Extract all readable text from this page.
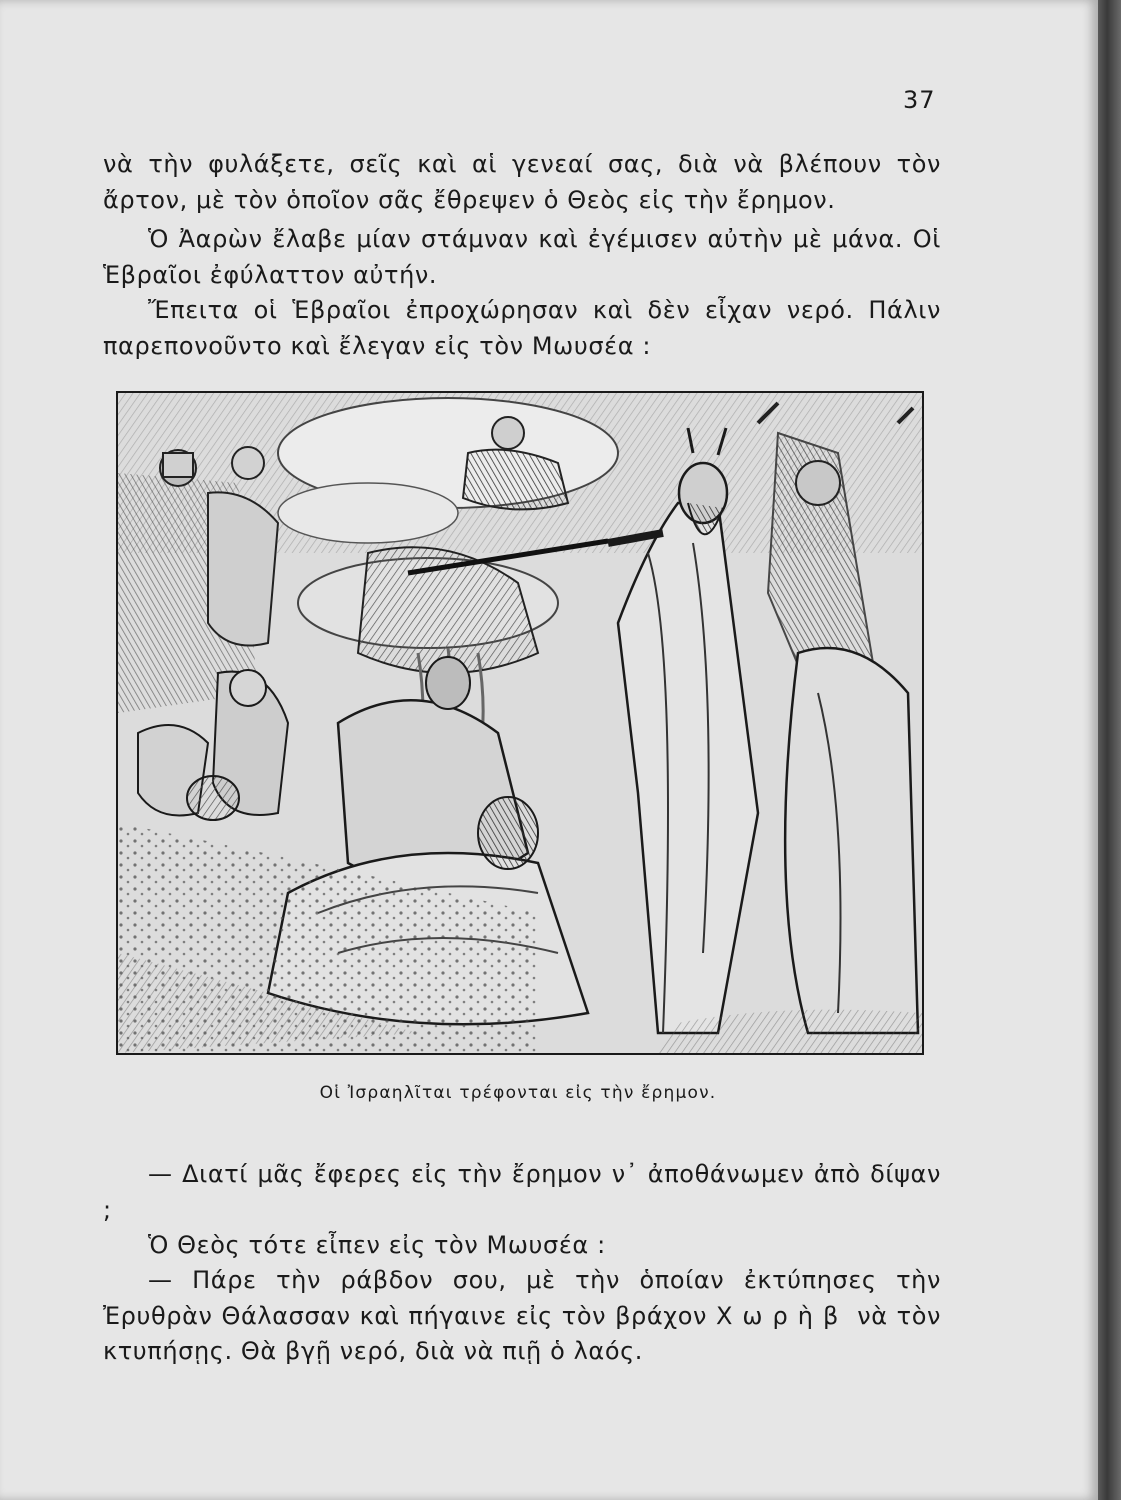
37

νὰ τὴν φυλάξετε, σεῖς καὶ αἱ γενεαί σας, διὰ νὰ βλέπουν τὸν ἄρτον, μὲ τὸν ὁποῖον σᾶς ἔθρεψεν ὁ Θεὸς εἰς τὴν ἔρημον.

Ὁ Ἀαρὼν ἔλαβε μίαν στάμναν καὶ ἐγέμισεν αὐτὴν μὲ μάνα. Οἱ Ἑβραῖοι ἐφύλαττον αὐτήν.

Ἔπειτα οἱ Ἑβραῖοι ἐπροχώρησαν καὶ δὲν εἶχαν νερό. Πάλιν παρεπονοῦντο καὶ ἔλεγαν εἰς τὸν Μωυσέα :

Οἱ Ἰσραηλῖται τρέφονται εἰς τὴν ἔρημον.

— Διατί μᾶς ἔφερες εἰς τὴν ἔρημον ν᾽ ἀποθάνωμεν ἀπὸ δίψαν ;

Ὁ Θεὸς τότε εἶπεν εἰς τὸν Μωυσέα :

— Πάρε τὴν ράβδον σου, μὲ τὴν ὁποίαν ἐκτύπησες τὴν Ἐρυθρὰν Θάλασσαν καὶ πήγαινε εἰς τὸν βράχον Χωρὴβ νὰ τὸν κτυπήσῃς. Θὰ βγῇ νερό, διὰ νὰ πιῇ ὁ λαός.
